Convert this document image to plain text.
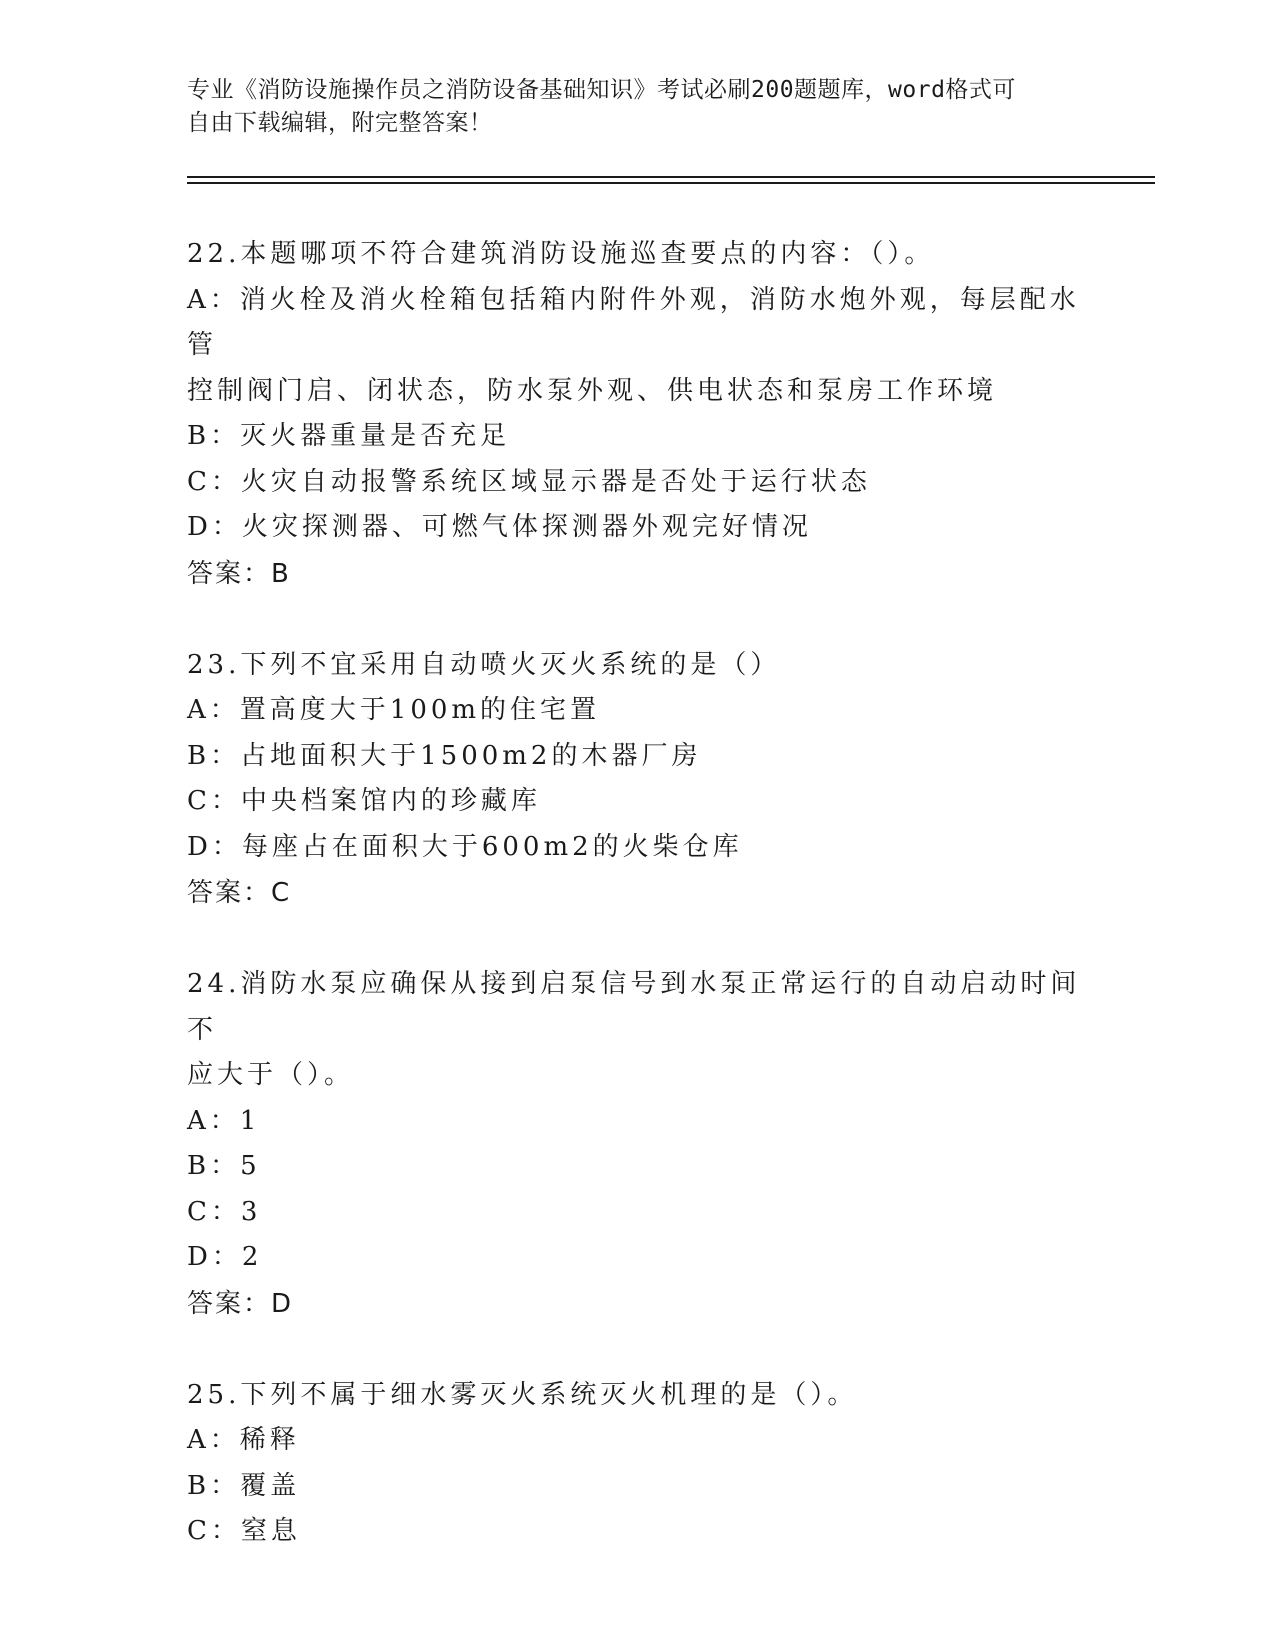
专业《消防设施操作员之消防设备基础知识》考试必刷200题题库，word格式可
自由下载编辑，附完整答案！

22.本题哪项不符合建筑消防设施巡查要点的内容：（）。

A：消火栓及消火栓箱包括箱内附件外观，消防水炮外观，每层配水管

控制阀门启、闭状态，防水泵外观、供电状态和泵房工作环境

B：灭火器重量是否充足

C：火灾自动报警系统区域显示器是否处于运行状态

D：火灾探测器、可燃气体探测器外观完好情况

答案：B

23.下列不宜采用自动喷火灭火系统的是（）

A：置高度大于100m的住宅置

B：占地面积大于1500m2的木器厂房

C：中央档案馆内的珍藏库

D：每座占在面积大于600m2的火柴仓库

答案：C

24.消防水泵应确保从接到启泵信号到水泵正常运行的自动启动时间不

应大于（）。

A：1

B：5

C：3

D：2

答案：D

25.下列不属于细水雾灭火系统灭火机理的是（）。

A：稀释

B：覆盖

C：窒息
